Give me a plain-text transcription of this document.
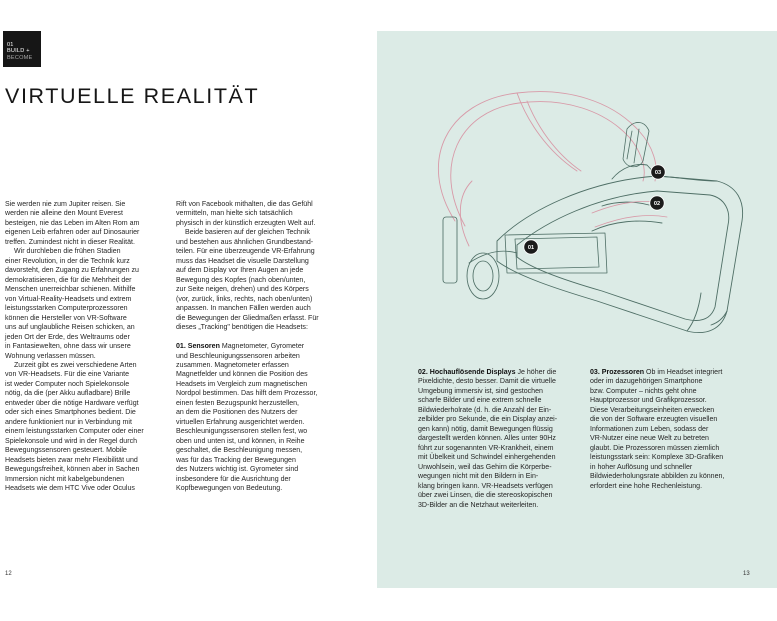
01
BUILD +
BECOME
VIRTUELLE REALITÄT
Sie werden nie zum Jupiter reisen. Sie
werden nie alleine den Mount Everest
besteigen, nie das Leben im Alten Rom am
eigenen Leib erfahren oder auf Dinosaurier
treffen. Zumindest nicht in dieser Realität.
Wir durchleben die frühen Stadien
einer Revolution, in der die Technik kurz
davorsteht, den Zugang zu Erfahrungen zu
demokratisieren, die für die Mehrheit der
Menschen unerreichbar schienen. Mithilfe
von Virtual-Reality-Headsets und extrem
leistungsstarken Computerprozessoren
können die Hersteller von VR-Software
uns auf unglaubliche Reisen schicken, an
jeden Ort der Erde, des Weltraums oder
in Fantasiewelten, ohne dass wir unsere
Wohnung verlassen müssen.
Zurzeit gibt es zwei verschiedene Arten
von VR-Headsets. Für die eine Variante
ist weder Computer noch Spielekonsole
nötig, da die (per Akku aufladbare) Brille
entweder über die nötige Hardware verfügt
oder sich eines Smartphones bedient. Die
andere funktioniert nur in Verbindung mit
einem leistungsstarken Computer oder einer
Spielekonsole und wird in der Regel durch
Bewegungssensoren gesteuert. Mobile
Headsets bieten zwar mehr Flexibilität und
Bewegungsfreiheit, können aber in Sachen
Immersion nicht mit kabelgebundenen
Headsets wie dem HTC Vive oder Oculus
Rift von Facebook mithalten, die das Gefühl
vermitteln, man hielte sich tatsächlich
physisch in der künstlich erzeugten Welt auf.
Beide basieren auf der gleichen Technik
und bestehen aus ähnlichen Grundbestand-
teilen. Für eine überzeugende VR-Erfahrung
muss das Headset die visuelle Darstellung
auf dem Display vor Ihren Augen an jede
Bewegung des Kopfes (nach oben/unten,
zur Seite neigen, drehen) und des Körpers
(vor, zurück, links, rechts, nach oben/unten)
anpassen. In manchen Fällen werden auch
die Bewegungen der Gliedmaßen erfasst. Für
dieses „Tracking" benötigen die Headsets:
01. Sensoren Magnetometer, Gyrometer
und Beschleunigungssensoren arbeiten
zusammen. Magnetometer erfassen
Magnetfelder und können die Position des
Headsets im Vergleich zum magnetischen
Nordpol bestimmen. Das hilft dem Prozessor,
einen festen Bezugspunkt herzustellen,
an dem die Positionen des Nutzers der
virtuellen Erfahrung ausgerichtet werden.
Beschleunigungssensoren stellen fest, wo
oben und unten ist, und können, in Reihe
geschaltet, die Beschleunigung messen,
was für das Tracking der Bewegungen
des Nutzers wichtig ist. Gyrometer sind
insbesondere für die Ausrichtung der
Kopfbewegungen von Bedeutung.
02. Hochauflösende Displays Je höher die
Pixeldichte, desto besser. Damit die virtuelle
Umgebung immersiv ist, sind gestochen
scharfe Bilder und eine extrem schnelle
Bildwiederholrate (d. h. die Anzahl der Ein-
zelbilder pro Sekunde, die ein Display anzei-
gen kann) nötig, damit Bewegungen flüssig
dargestellt werden können. Alles unter 90Hz
führt zur sogenannten VR-Krankheit, einem
mit Übelkeit und Schwindel einhergehenden
Unwohlsein, weil das Gehirn die Körperbe-
wegungen nicht mit den Bildern in Ein-
klang bringen kann. VR-Headsets verfügen
über zwei Linsen, die die stereoskopischen
3D-Bilder an die Netzhaut weiterleiten.
03. Prozessoren Ob im Headset integriert
oder im dazugehörigen Smartphone
bzw. Computer – nichts geht ohne
Hauptprozessor und Grafikprozessor.
Diese Verarbeitungseinheiten erwecken
die von der Software erzeugten visuellen
Informationen zum Leben, sodass der
VR-Nutzer eine neue Welt zu betreten
glaubt. Die Prozessoren müssen ziemlich
leistungsstark sein: Komplexe 3D-Grafiken
in hoher Auflösung und schneller
Bildwiederholungsrate abbilden zu können,
erfordert eine hohe Rechenleistung.
01
02
03
12	13
